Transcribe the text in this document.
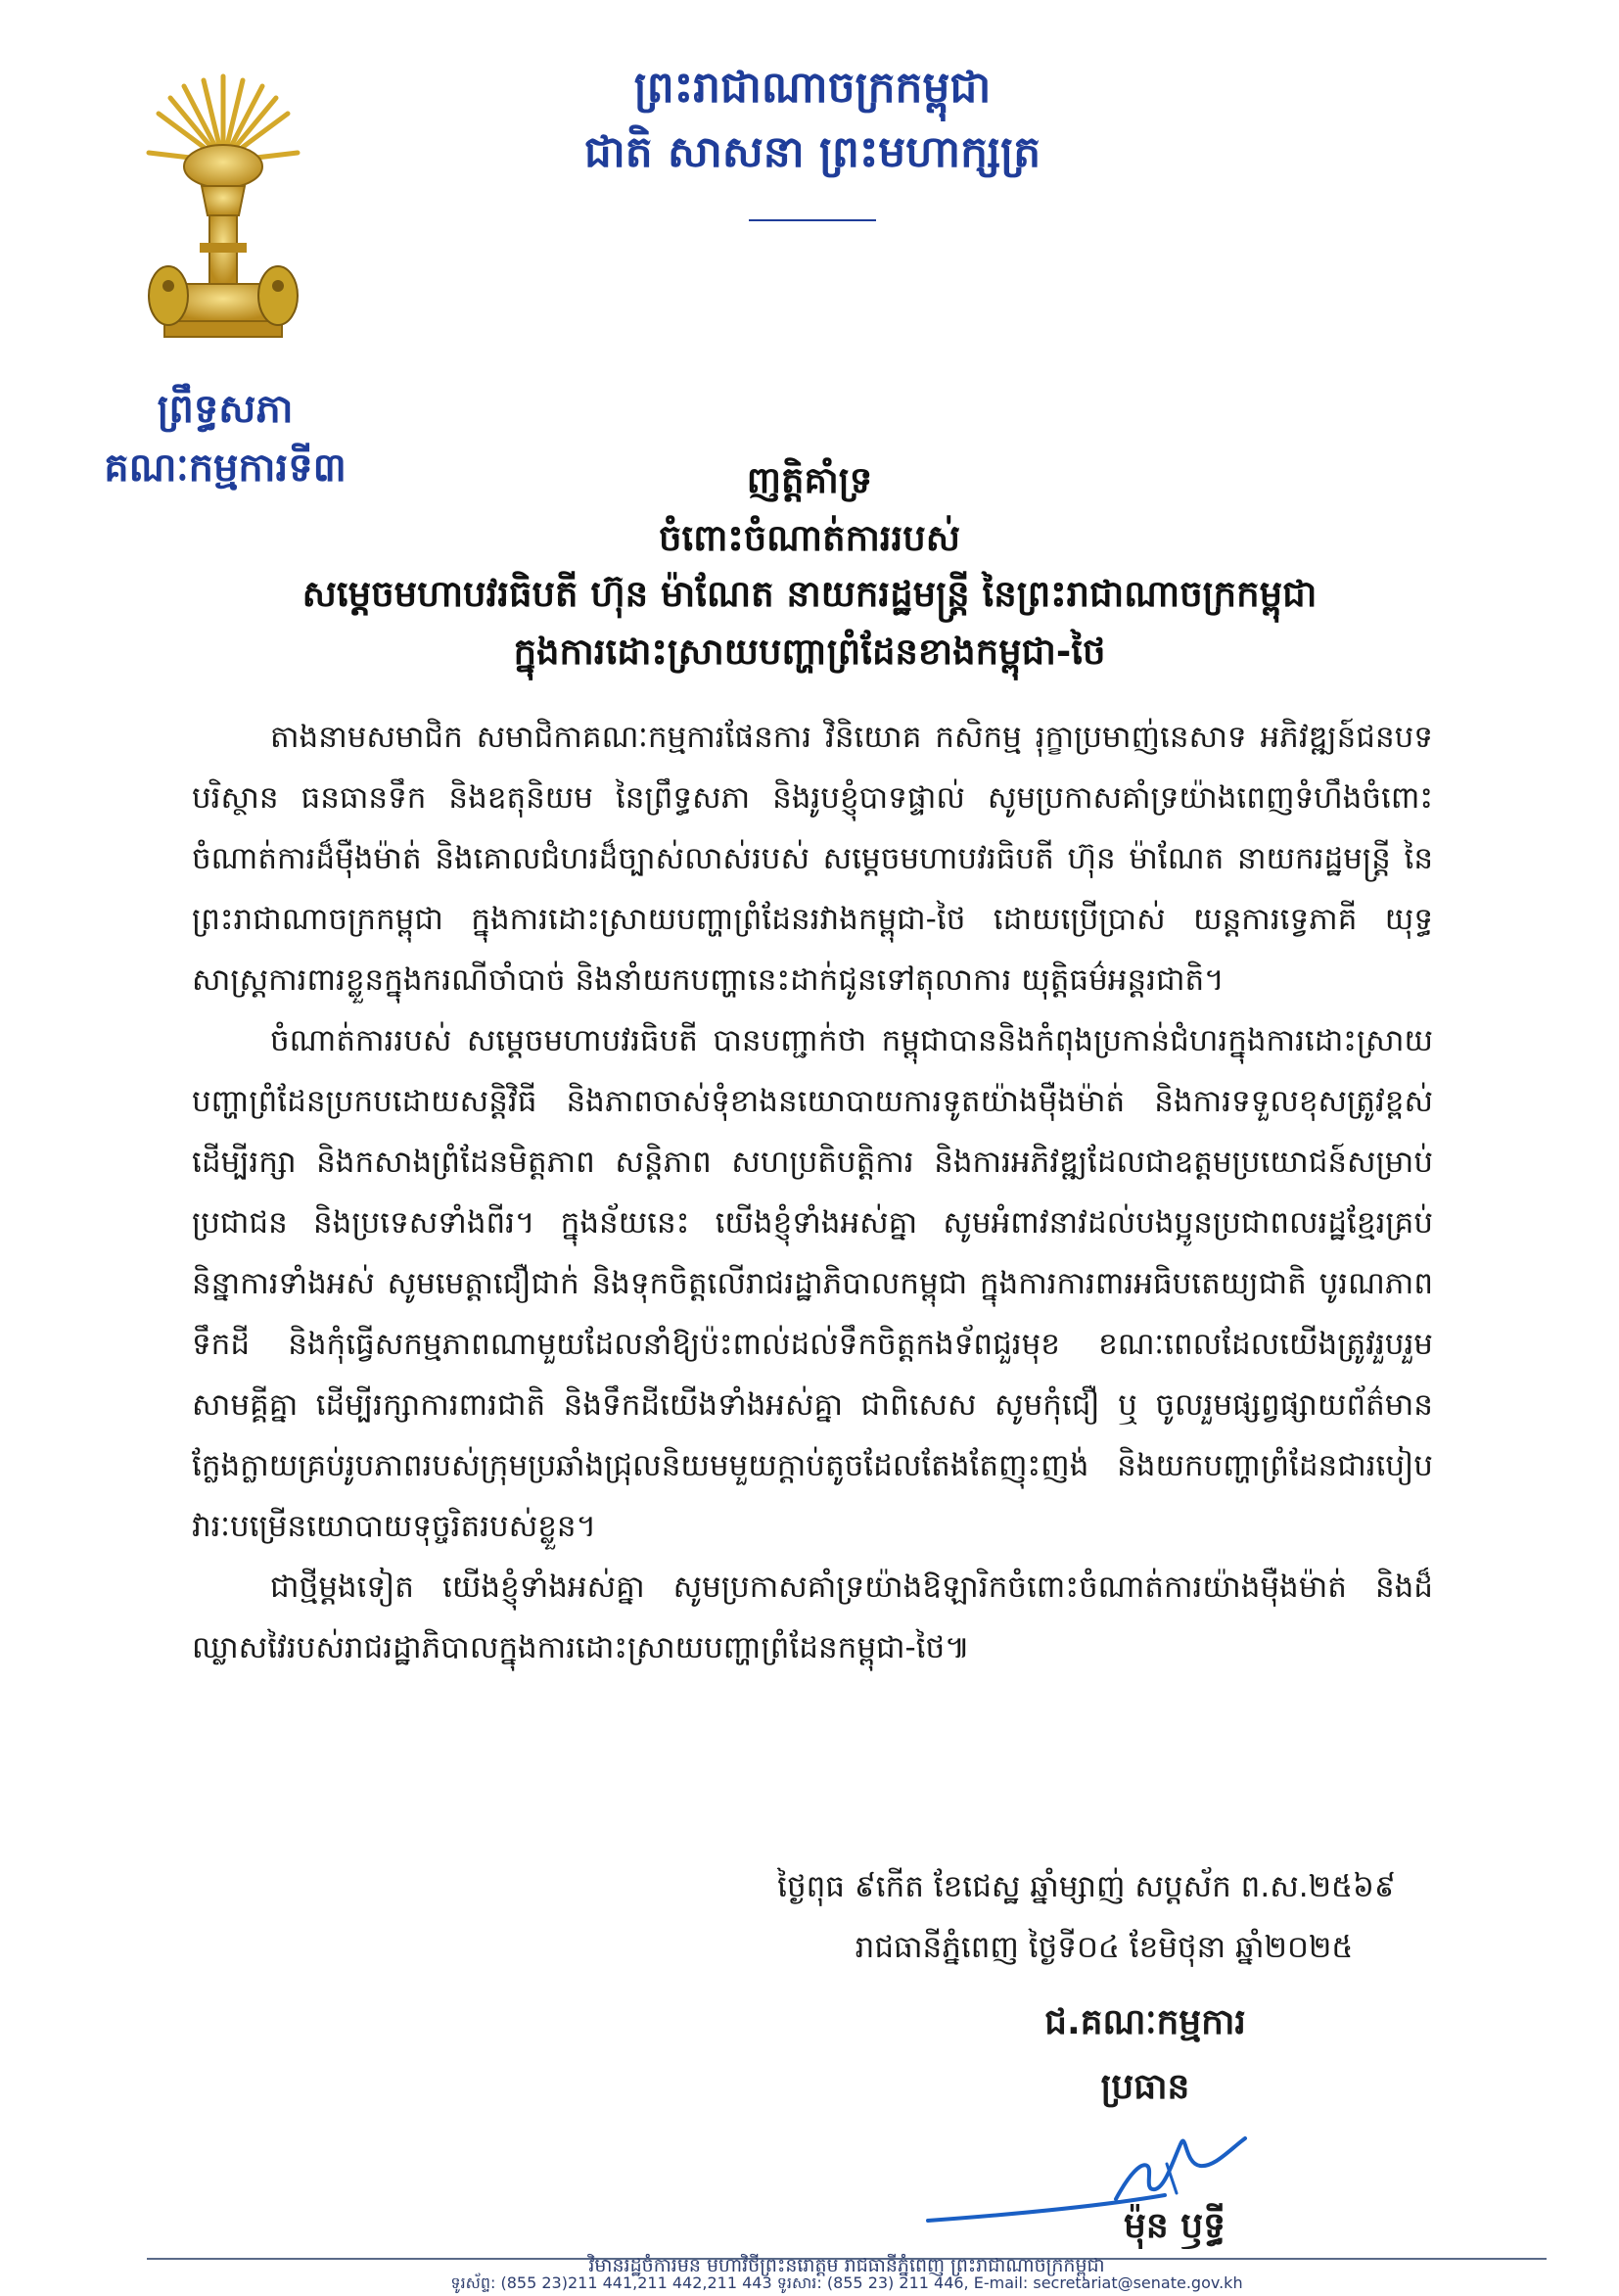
ព្រះរាជាណាចក្រកម្ពុជា
ជាតិ សាសនា ព្រះមហាក្សត្រ
ព្រឹទ្ធសភា
គណៈកម្មការទី៣	ញត្តិគាំទ្រ
ចំពោះចំណាត់ការរបស់
សម្តេចមហាបវរធិបតី ហ៊ុន ម៉ាណែត នាយករដ្ឋមន្ត្រី នៃព្រះរាជាណាចក្រកម្ពុជា
ក្នុងការដោះស្រាយបញ្ហាព្រំដែនខាងកម្ពុជា-ថៃ

តាងនាមសមាជិក សមាជិកាគណៈកម្មការផែនការ វិនិយោគ កសិកម្ម រុក្ខាប្រមាញ់នេសាទ អភិវឌ្ឍន៍ជនបទ បរិស្ថាន ធនធានទឹក និងឧតុនិយម នៃព្រឹទ្ធសភា និងរូបខ្ញុំបាទផ្ទាល់ សូមប្រកាសគាំទ្រយ៉ាងពេញទំហឹងចំពោះចំណាត់ការដ៏ម៉ឺងម៉ាត់ និងគោលជំហរដ៏ច្បាស់លាស់របស់ សម្តេចមហាបវរធិបតី ហ៊ុន ម៉ាណែត នាយករដ្ឋមន្ត្រី នៃព្រះរាជាណាចក្រកម្ពុជា ក្នុងការដោះស្រាយបញ្ហាព្រំដែនរវាងកម្ពុជា-ថៃ ដោយប្រើប្រាស់ យន្តការទ្វេភាគី យុទ្ធសាស្ត្រការពារខ្លួនក្នុងករណីចាំបាច់ និងនាំយកបញ្ហានេះដាក់ជូនទៅតុលាការ យុត្តិធម៌អន្តរជាតិ។

ចំណាត់ការរបស់ សម្តេចមហាបវរធិបតី បានបញ្ជាក់ថា កម្ពុជាបាននិងកំពុងប្រកាន់ជំហរក្នុងការដោះស្រាយបញ្ហាព្រំដែនប្រកបដោយសន្តិវិធី និងភាពចាស់ទុំខាងនយោបាយការទូតយ៉ាងម៉ឺងម៉ាត់ និងការទទួលខុសត្រូវខ្ពស់ ដើម្បីរក្សា និងកសាងព្រំដែនមិត្តភាព សន្តិភាព សហប្រតិបត្តិការ និងការអភិវឌ្ឍដែលជាឧត្តមប្រយោជន៍សម្រាប់ប្រជាជន និងប្រទេសទាំងពីរ។ ក្នុងន័យនេះ យើងខ្ញុំទាំងអស់គ្នា សូមអំពាវនាវដល់បងប្អូនប្រជាពលរដ្ឋខ្មែរគ្រប់និន្នាការទាំងអស់ សូមមេត្តាជឿជាក់ និងទុកចិត្តលើរាជរដ្ឋាភិបាលកម្ពុជា ក្នុងការការពារអធិបតេយ្យជាតិ បូរណភាពទឹកដី និងកុំធ្វើសកម្មភាពណាមួយដែលនាំឱ្យប៉ះពាល់ដល់ទឹកចិត្តកងទ័ពជួរមុខ ខណៈពេលដែលយើងត្រូវរួបរួមសាមគ្គីគ្នា ដើម្បីរក្សាការពារជាតិ និងទឹកដីយើងទាំងអស់គ្នា ជាពិសេស សូមកុំជឿ ឬ ចូលរួមផ្សព្វផ្សាយព័ត៌មានក្លែងក្លាយគ្រប់រូបភាពរបស់ក្រុមប្រឆាំងជ្រុលនិយមមួយក្តាប់តូចដែលតែងតែញុះញង់ និងយកបញ្ហាព្រំដែនជារបៀបវារៈបម្រើនយោបាយទុច្ចរិតរបស់ខ្លួន។

ជាថ្មីម្តងទៀត យើងខ្ញុំទាំងអស់គ្នា សូមប្រកាសគាំទ្រយ៉ាងឱឡារិកចំពោះចំណាត់ការយ៉ាងម៉ឺងម៉ាត់ និងដ៏ឈ្លាសវៃរបស់រាជរដ្ឋាភិបាលក្នុងការដោះស្រាយបញ្ហាព្រំដែនកម្ពុជា-ថៃ៕

ថ្ងៃពុធ ៩កើត ខែជេស្ឋ ឆ្នាំម្សាញ់ សប្តស័ក ព.ស.២៥៦៩
រាជធានីភ្នំពេញ ថ្ងៃទី០៤ ខែមិថុនា ឆ្នាំ២០២៥
ជ.គណៈកម្មការ
ប្រធាន
ម៉ុន ឫទ្ធី
វិមានរដ្ឋចំការមន មហាវិថីព្រះនរោត្តម រាជធានីភ្នំពេញ ព្រះរាជាណាចក្រកម្ពុជា
ទូរស័ព្ទ: (855 23)211 441,211 442,211 443 ទូរសារ: (855 23) 211 446, E-mail: secretariat@senate.gov.kh
